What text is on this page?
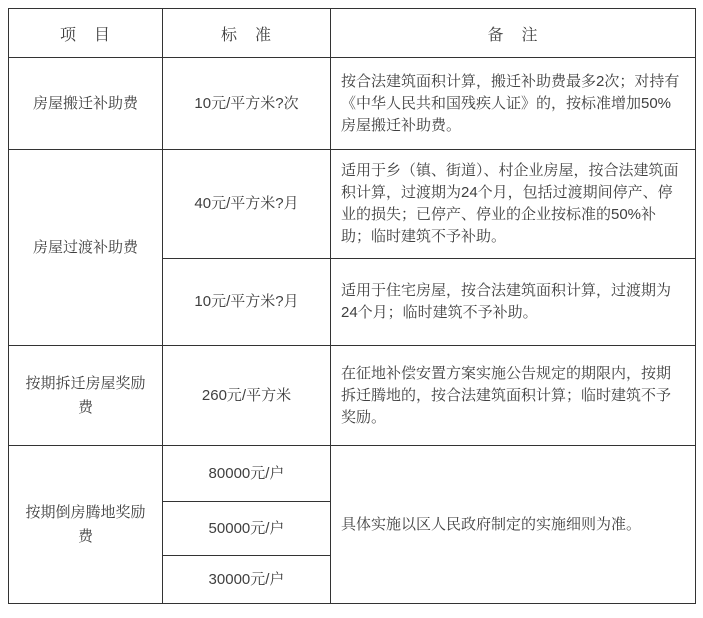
项　目	标　准	备　注
房屋搬迁补助费	10元/平方米?次	按合法建筑面积计算，搬迁补助费最多2次；对持有《中华人民共和国残疾人证》的，按标准增加50%房屋搬迁补助费。
房屋过渡补助费	40元/平方米?月	适用于乡（镇、街道）、村企业房屋，按合法建筑面积计算，过渡期为24个月，包括过渡期间停产、停业的损失；已停产、停业的企业按标准的50%补助；临时建筑不予补助。
	10元/平方米?月	适用于住宅房屋，按合法建筑面积计算，过渡期为24个月；临时建筑不予补助。
按期拆迁房屋奖励费	260元/平方米	在征地补偿安置方案实施公告规定的期限内，按期拆迁腾地的，按合法建筑面积计算；临时建筑不予奖励。
按期倒房腾地奖励费	80000元/户	具体实施以区人民政府制定的实施细则为准。
	50000元/户	
	30000元/户	
